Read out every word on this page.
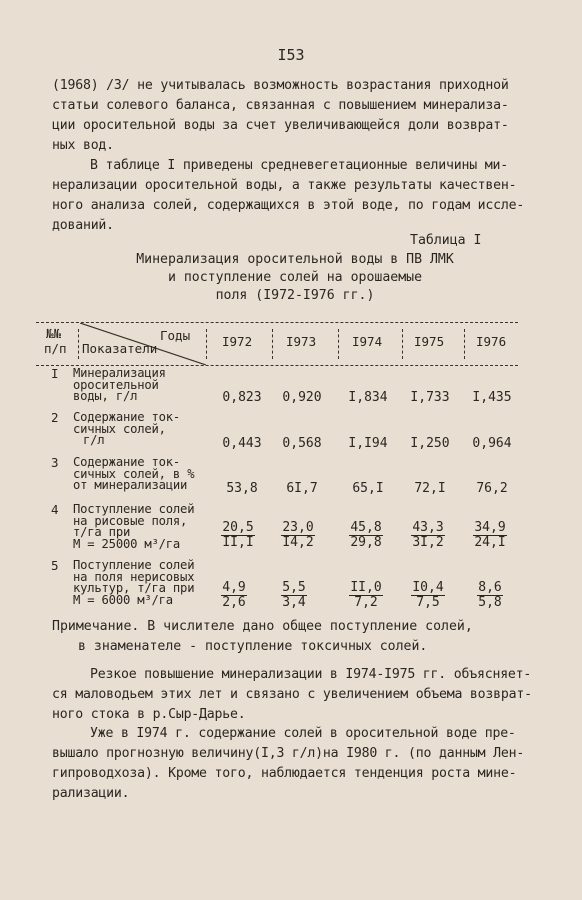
I53
(1968) /3/ не учитывалась возможность возрастания приходной
статьи солевого баланса, связанная с повышением минерализа-
ции оросительной воды за счет увеличивающейся доли возврат-
ных вод.
В таблице I приведены средневегетационные величины ми-
нерализации оросительной воды, а также результаты качествен-
ного анализа солей, содержащихся в этой воде, по годам иссле-
дований.
Таблица I
Минерализация оросительной воды в ПВ ЛМК
и поступление солей на орошаемые
поля (I972-I976 гг.)
№№
п/п Показатели
Годы	I972	I973	I974	I975	I976
I Минерализация
оросительной
воды, г/л	0,823	0,920	I,834	I,733	I,435
2 Содержание ток-
сичных солей,
г/л	0,443	0,568	I,I94	I,250	0,964
3 Содержание ток-
сичных солей, в %
от минерализации	53,8	6I,7	65,I	72,I	76,2
4 Поступление солей
на рисовые поля,
т/га при
М = 25000 м³/га	$\frac{20,5}{II,I} \frac{23,0}{I4,2} \frac{45,8}{29,8} \frac{43,3}{3I,2} \frac{34,9}{24,I}$
5 Поступление солей
на поля нерисовых
культур, т/га при
М = 6000 м³/га	$\frac{4,9}{2,6} \frac{5,5}{3,4} \frac{II,0}{7,2} \frac{I0,4}{7,5} \frac{8,6}{5,8}$
Примечание. В числителе дано общее поступление солей,
в знаменателе - поступление токсичных солей.
Резкое повышение минерализации в I974-I975 гг. объясняет-
ся маловодьем этих лет и связано с увеличением объема возврат-
ного стока в р.Сыр-Дарье.
Уже в I974 г. содержание солей в оросительной воде пре-
вышало прогнозную величину(I,3 г/л)на I980 г. (по данным Лен-
гипроводхоза). Кроме того, наблюдается тенденция роста мине-
рализации.
